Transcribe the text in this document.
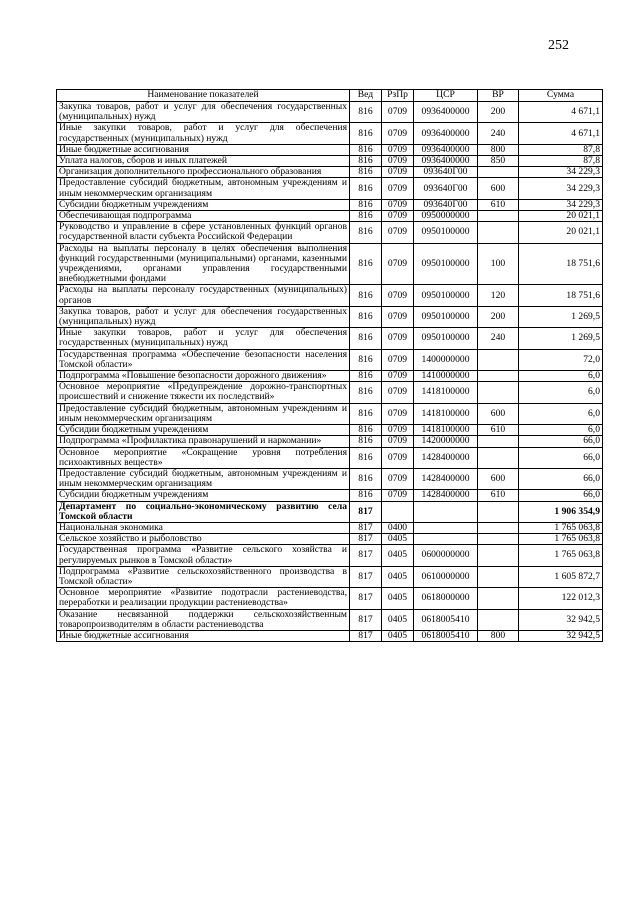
252
Наименование показателей	Вед	РзПр	ЦСР	ВР	Сумма
Закупка товаров, работ и услуг для обеспечения государственных (муниципальных) нужд	816	0709	0936400000	200	4 671,1
Иные закупки товаров, работ и услуг для обеспечения государственных (муниципальных) нужд	816	0709	0936400000	240	4 671,1
Иные бюджетные ассигнования	816	0709	0936400000	800	87,8
Уплата налогов, сборов и иных платежей	816	0709	0936400000	850	87,8
Организация дополнительного профессионального образования	816	0709	093640Г00		34 229,3
Предоставление субсидий бюджетным, автономным учреждениям и иным некоммерческим организациям	816	0709	093640Г00	600	34 229,3
Субсидии бюджетным учреждениям	816	0709	093640Г00	610	34 229,3
Обеспечивающая подпрограмма	816	0709	0950000000		20 021,1
Руководство и управление в сфере установленных функций органов государственной власти субъекта Российской Федерации	816	0709	0950100000		20 021,1
Расходы на выплаты персоналу в целях обеспечения выполнения функций государственными (муниципальными) органами, казенными учреждениями, органами управления государственными внебюджетными фондами	816	0709	0950100000	100	18 751,6
Расходы на выплаты персоналу государственных (муниципальных) органов	816	0709	0950100000	120	18 751,6
Закупка товаров, работ и услуг для обеспечения государственных (муниципальных) нужд	816	0709	0950100000	200	1 269,5
Иные закупки товаров, работ и услуг для обеспечения государственных (муниципальных) нужд	816	0709	0950100000	240	1 269,5
Государственная программа «Обеспечение безопасности населения Томской области»	816	0709	1400000000		72,0
Подпрограмма «Повышение безопасности дорожного движения»	816	0709	1410000000		6,0
Основное мероприятие «Предупреждение дорожно-транспортных происшествий и снижение тяжести их последствий»	816	0709	1418100000		6,0
Предоставление субсидий бюджетным, автономным учреждениям и иным некоммерческим организациям	816	0709	1418100000	600	6,0
Субсидии бюджетным учреждениям	816	0709	1418100000	610	6,0
Подпрограмма «Профилактика правонарушений и наркомании»	816	0709	1420000000		66,0
Основное мероприятие «Сокращение уровня потребления психоактивных веществ»	816	0709	1428400000		66,0
Предоставление субсидий бюджетным, автономным учреждениям и иным некоммерческим организациям	816	0709	1428400000	600	66,0
Субсидии бюджетным учреждениям	816	0709	1428400000	610	66,0
Департамент по социально-экономическому развитию села Томской области	817				1 906 354,9
Национальная экономика	817	0400			1 765 063,8
Сельское хозяйство и рыболовство	817	0405			1 765 063,8
Государственная программа «Развитие сельского хозяйства и регулируемых рынков в Томской области»	817	0405	0600000000		1 765 063,8
Подпрограмма «Развитие сельскохозяйственного производства в Томской области»	817	0405	0610000000		1 605 872,7
Основное мероприятие «Развитие подотрасли растениеводства, переработки и реализации продукции растениеводства»	817	0405	0618000000		122 012,3
Оказание несвязанной поддержки сельскохозяйственным товаропроизводителям в области растениеводства	817	0405	0618005410		32 942,5
Иные бюджетные ассигнования	817	0405	0618005410	800	32 942,5
